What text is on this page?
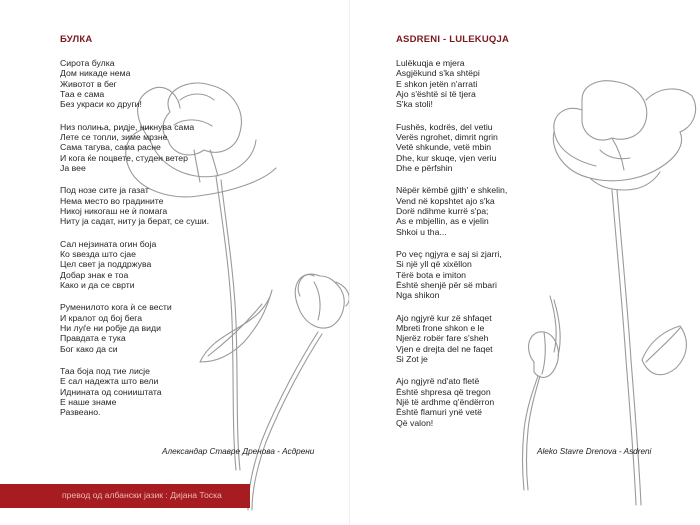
БУЛКА
Сирота булка
Дом никаде нема
Животот в бег
Таа е сама
Без украси ко други!
Низ полиња, ридје, никнува сама
Лете се топли, зиме мрзне
Сама тагува, сама раснe
И кога ќе поцвете, студен ветер
Ја вее
Под нозе сите ја газат
Нема место во градините
Никој никогаш не ѝ помага
Ниту ја садат, ниту ја берат, се суши.
Сал нејзината огин боја
Ко ѕвезда што сјае
Цел свет ја поддржува
Добар знак е тоа
Како и да се сврти
Руменилото кога ѝ се вести
И кралот од бој бега
Ни луѓе ни робје да види
Правдата е тука
Бог како да си
Таа боја под тие лисје
Е сал надежта што вели
Иднината од сонииштата
Е наше знаме
Развеано.
Александар Ставре Дренова - Асдрени
ASDRENI - LULEKUQJA
Lulëkuqja e mjera
Asgjëkund s'ka shtëpi
E shkon jetën n'arrati
Ajo s'është si të tjera
S'ka stoli!
Fushës, kodrës, del vetiu
Verës ngrohet, dimrit ngrin
Vetë shkunde, vetë mbin
Dhe, kur skuqe, vjen veriu
Dhe e përfshin
Nëpër këmbë gjith' e shkelin,
Vend në kopshtet ajo s'ka
Dorë ndihme kurrë s'pa;
As e mbjellin, as e vjelin
Shkoi u tha...
Po veç ngjyra e saj si zjarri,
Si një yll që xixëllon
Tërë bota e imiton
Është shenjë për së mbari
Nga shikon
Ajo ngjyrë kur zë shfaqet
Mbreti frone shkon e le
Njerëz robër fare s'sheh
Vjen e drejta del ne faqet
Si Zot je
Ajo ngjyrë nd'ato fletë
Është shpresa që tregon
Një të ardhme q'ëndërron
Është flamuri ynë vetë
Që valon!
Aleko Stavre Drenova - Asdreni
превод од албански јазик : Дијана Тоска
